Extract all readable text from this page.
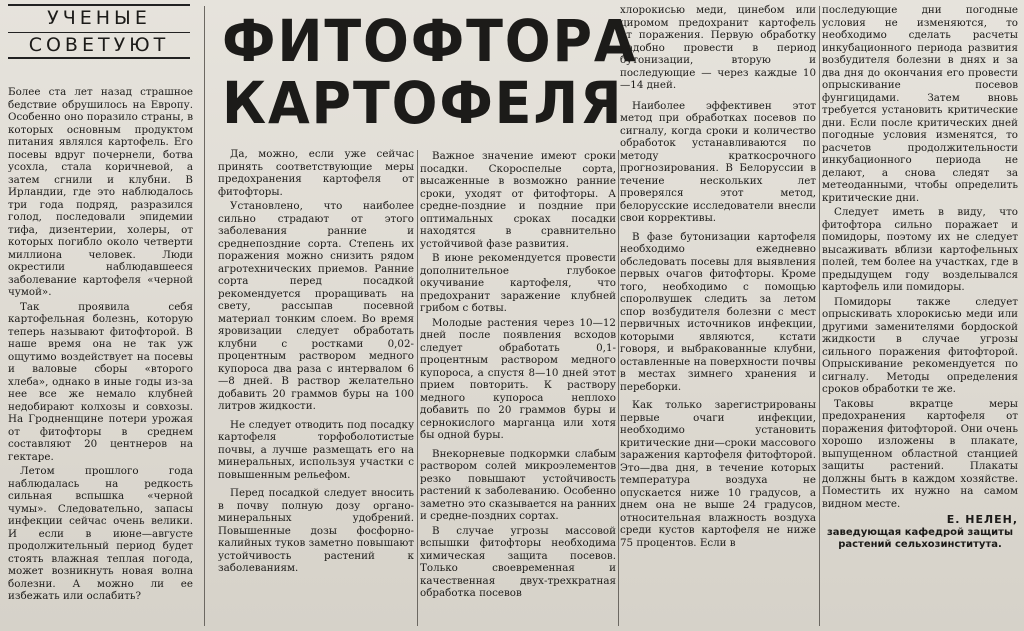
УЧЕНЫЕ
СОВЕТУЮТ ФИТОФТОРА
КАРТОФЕЛЯ

Более ста лет назад страшное бедствие обрушилось на Европу. Особенно оно поразило страны, в которых основным продуктом питания являлся картофель. Его посевы вдруг почернели, ботва усохла, стала коричневой, а затем сгнили и клубни. В Ирландии, где это наблюдалось три года подряд, разразился голод, последовали эпидемии тифа, дизентерии, холеры, от которых погибло около четверти миллиона человек. Люди окрестили наблюдавшееся заболевание картофеля «черной чумой».

Так проявила себя картофельная болезнь, которую теперь называют фитофторой. В наше время она не так уж ощутимо воздействует на посевы и валовые сборы «второго хлеба», однако в иные годы из-за нее все же немало клубней недобирают колхозы и совхозы. На Гродненщине потери урожая от фитофторы в среднем составляют 20 центнеров на гектаре.

Летом прошлого года наблюдалась на редкость сильная вспышка «черной чумы». Следовательно, запасы инфекции сейчас очень велики. И если в июне—августе продолжительный период будет стоять влажная теплая погода, может возникнуть новая волна болезни. А можно ли ее избежать или ослабить?

Да, можно, если уже сейчас принять соответствующие меры предохранения картофеля от фитофторы.

Установлено, что наиболее сильно страдают от этого заболевания ранние и среднепоздние сорта. Степень их поражения можно снизить рядом агротехнических приемов. Ранние сорта перед посадкой рекомендуется проращивать на свету, рассыпав посевной материал тонким слоем. Во время яровизации следует обработать клубни с ростками 0,02-процентным раствором медного купороса два раза с интервалом 6—8 дней. В раствор желательно добавить 20 граммов буры на 100 литров жидкости.

Не следует отводить под посадку картофеля торфоболотистые почвы, а лучше размещать его на минеральных, используя участки с повышенным рельефом.

Перед посадкой следует вносить в почву полную дозу органо-минеральных удобрений. Повышенные дозы фосфорно-калийных туков заметно повышают устойчивость растений к заболеваниям.

Важное значение имеют сроки посадки. Скороспелые сорта, высаженные в возможно ранние сроки, уходят от фитофторы. А средне-поздние и поздние при оптимальных сроках посадки находятся в сравнительно устойчивой фазе развития.

В июне рекомендуется провести дополнительное глубокое окучивание картофеля, что предохранит заражение клубней грибом с ботвы.

Молодые растения через 10—12 дней после появления всходов следует обработать 0,1-процентным раствором медного купороса, а спустя 8—10 дней этот прием повторить. К раствору медного купороса неплохо добавить по 20 граммов буры и сернокислого марганца или хотя бы одной буры.

Внекорневые подкормки слабым раствором солей микроэлементов резко повышают устойчивость растений к заболеванию. Особенно заметно это сказывается на ранних и средне-поздних сортах.

В случае угрозы массовой вспышки фитофторы необходима химическая защита посевов. Только своевременная и качественная двух-трехкратная обработка посевов

хлорокисью меди, цинебом или циромом предохранит картофель от поражения. Первую обработку надобно провести в период бутонизации, вторую и последующие — через каждые 10—14 дней.

Наиболее эффективен этот метод при обработках посевов по сигналу, когда сроки и количество обработок устанавливаются по методу краткосрочного прогнозирования. В Белоруссии в течение нескольких лет проверялся этот метод, белорусские исследователи внесли свои коррективы.

В фазе бутонизации картофеля необходимо ежедневно обследовать посевы для выявления первых очагов фитофторы. Кроме того, необходимо с помощью споролвушек следить за летом спор возбудителя болезни с мест первичных источников инфекции, которыми являются, кстати говоря, и выбракованные клубни, оставленные на поверхности почвы в местах зимнего хранения и переборки.

Как только зарегистрированы первые очаги инфекции, необходимо установить критические дни—сроки массового заражения картофеля фитофторой. Это—два дня, в течение которых температура воздуха не опускается ниже 10 градусов, а днем она не выше 24 градусов, относительная влажность воздуха среди кустов картофеля не ниже 75 процентов. Если в

последующие дни погодные условия не изменяются, то необходимо сделать расчеты инкубационного периода развития возбудителя болезни в днях и за два дня до окончания его провести опрыскивание посевов фунгицидами. Затем вновь требуется установить критические дни. Если после критических дней погодные условия изменятся, то расчетов продолжительности инкубационного периода не делают, а снова следят за метеоданными, чтобы определить критические дни.

Следует иметь в виду, что фитофтора сильно поражает и помидоры, поэтому их не следует высаживать вблизи картофельных полей, тем более на участках, где в предыдущем году возделывался картофель или помидоры.

Помидоры также следует опрыскивать хлорокисью меди или другими заменителями бордоской жидкости в случае угрозы сильного поражения фитофторой. Опрыскивание рекомендуется по сигналу. Методы определения сроков обработки те же.

Таковы вкратце меры предохранения картофеля от поражения фитофторой. Они очень хорошо изложены в плакате, выпущенном областной станцией защиты растений. Плакаты должны быть в каждом хозяйстве. Поместить их нужно на самом видном месте.

Е. НЕЛЕН,
заведующая кафедрой защиты растений сельхозинститута.
